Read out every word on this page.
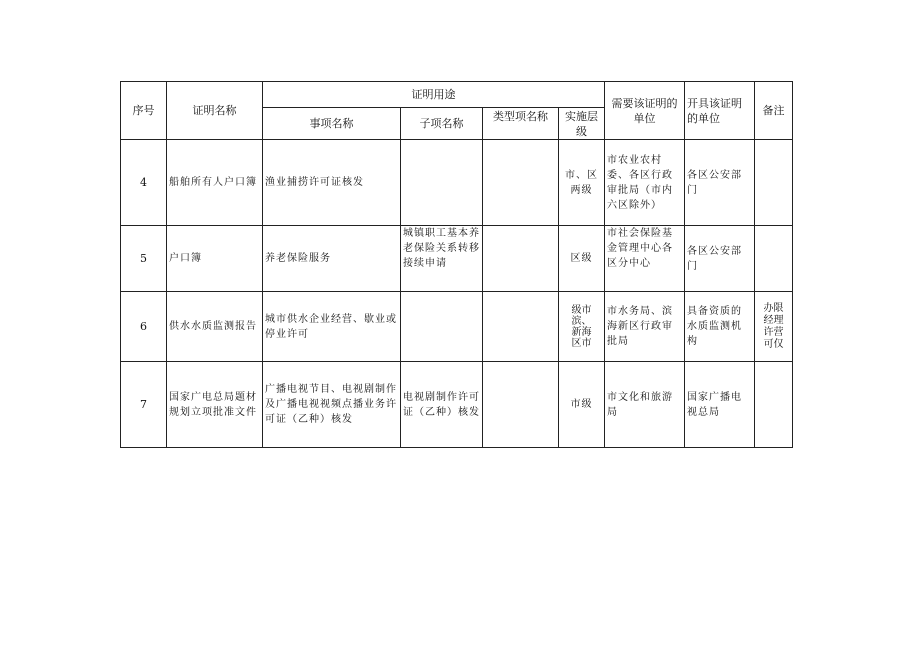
序号	证明名称	证明用途				需要该证明的单位	开具该证明的单位	备注

		事项名称	子项名称	类型项名称	实施层级			
4	船舶所有人户口簿	渔业捕捞许可证核发			市、区两级	市农业农村委、各区行政审批局（市内六区除外）	各区公安部门	
5	户口簿	养老保险服务	城镇职工基本养老保险关系转移接续申请		区级	市社会保险基金管理中心各区分中心	各区公安部门	
6	供水水质监测报告	城市供水企业经营、歇业或停业许可			级市滨、新海区市	市水务局、滨海新区行政审批局	具备资质的水质监测机构	办限经理许营可仅

7	国家广电总局题材规划立项批准文件	广播电视节目、电视剧制作及广播电视视频点播业务许可证（乙种）核发	电视剧制作许可证（乙种）核发		市级	市文化和旅游局	国家广播电视总局	
